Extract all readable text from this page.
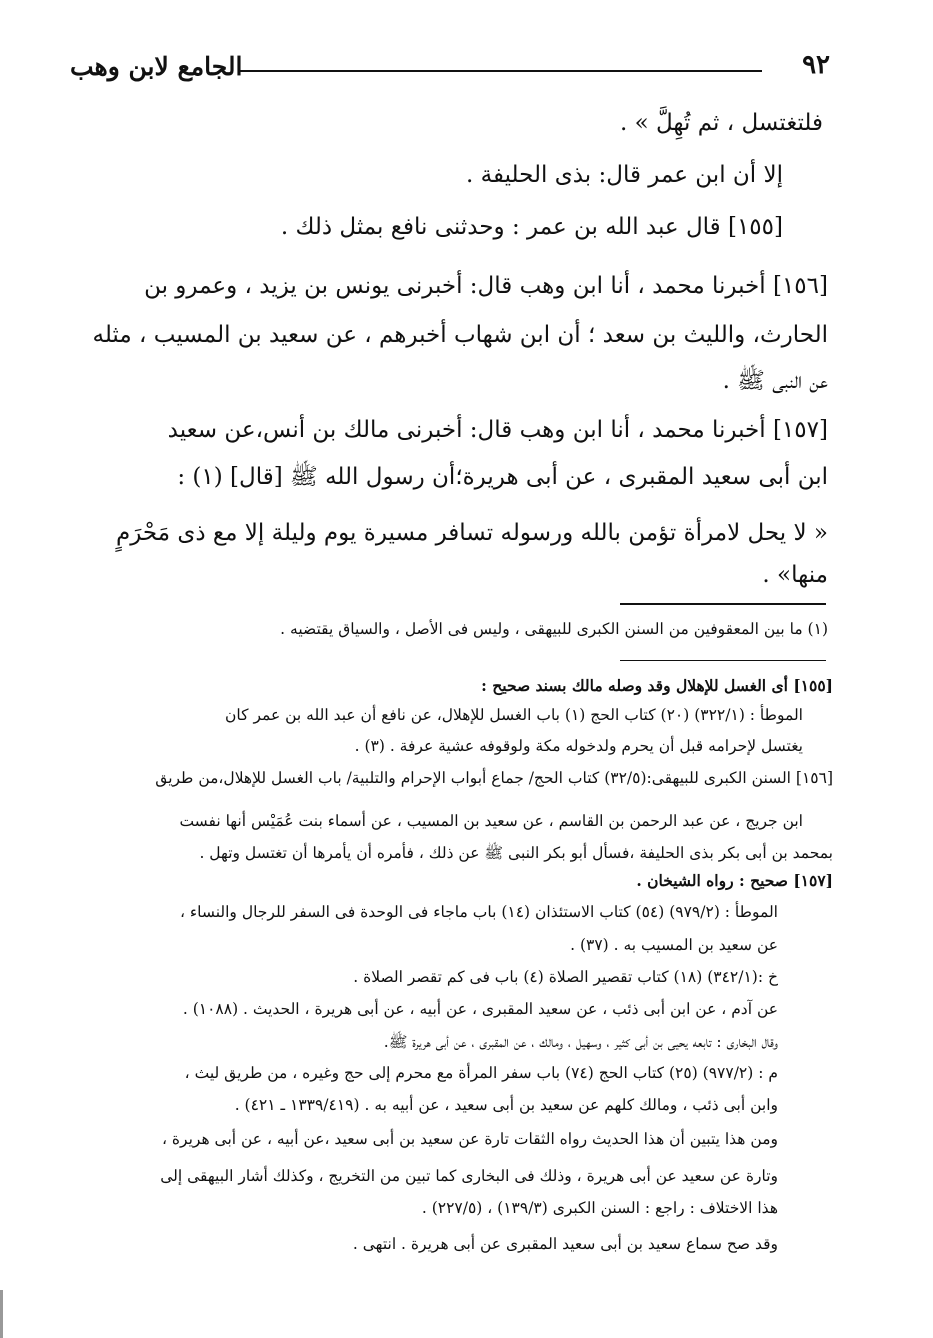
٩٢
الجامع لابن وهب
فلتغتسل ، ثم تُهِلَّ » .
إلا أن ابن عمر قال: بذى الحليفة .
[١٥٥] قال عبد الله بن عمر : وحدثنى نافع بمثل ذلك .
[١٥٦] أخبرنا محمد ، أنا ابن وهب قال: أخبرنى يونس بن يزيد ، وعمرو بن
الحارث، والليث بن سعد ؛ أن ابن شهاب أخبرهم ، عن سعيد بن المسيب ، مثله
عن النبى ﷺ .
[١٥٧] أخبرنا محمد ، أنا ابن وهب قال: أخبرنى مالك بن أنس،عن سعيد
ابن أبى سعيد المقبرى ، عن أبى هريرة؛أن رسول الله ﷺ [قال] (١) :
« لا يحل لامرأة تؤمن بالله ورسوله تسافر مسيرة يوم وليلة إلا مع ذى مَحْرَمٍ
منها» .
(١) ما بين المعقوفين من السنن الكبرى للبيهقى ، وليس فى الأصل ، والسياق يقتضيه .
[١٥٥] أى الغسل للإهلال وقد وصله مالك بسند صحيح :
الموطأ : (٣٢٢/١) (٢٠) كتاب الحج (١) باب الغسل للإهلال، عن نافع أن عبد الله بن عمر كان
يغتسل لإحرامه قبل أن يحرم ولدخوله مكة ولوقوفه عشية عرفة . (٣) .
[١٥٦] السنن الكبرى للبيهقى:(٣٢/٥) كتاب الحج/ جماع أبواب الإحرام والتلبية/ باب الغسل للإهلال،من طريق
ابن جريج ، عن عبد الرحمن بن القاسم ، عن سعيد بن المسيب ، عن أسماء بنت عُمَيْس أنها نفست
بمحمد بن أبى بكر بذى الحليفة ،فسأل أبو بكر النبى ﷺ عن ذلك ، فأمره أن يأمرها أن تغتسل وتهل .
[١٥٧] صحيح : رواه الشيخان .
الموطأ : (٩٧٩/٢) (٥٤) كتاب الاستئذان (١٤) باب ماجاء فى الوحدة فى السفر للرجال والنساء ،
عن سعيد بن المسيب به . (٣٧) .
خ :(٣٤٢/١) (١٨) كتاب تقصير الصلاة (٤) باب فى كم تقصر الصلاة .
عن آدم ، عن ابن أبى ذئب ، عن سعيد المقبرى ، عن أبيه ، عن أبى هريرة ، الحديث . (١٠٨٨) .
وقال البخارى : تابعه يحيى بن أبى كثير ، وسهيل ، ومالك ، عن المقبرى ، عن أبى هريرة ﷺ.
م : (٩٧٧/٢) (٢٥) كتاب الحج (٧٤) باب سفر المرأة مع محرم إلى حج وغيره ، من طريق ليث ،
وابن أبى ذئب ، ومالك كلهم عن سعيد بن أبى سعيد ، عن أبيه به . (١٣٣٩/٤١٩ ـ ٤٢١) .
ومن هذا يتبين أن هذا الحديث رواه الثقات تارة عن سعيد بن أبى سعيد ،عن أبيه ، عن أبى هريرة ،
وتارة عن سعيد عن أبى هريرة ، وذلك فى البخارى كما تبين من التخريج ، وكذلك أشار البيهقى إلى
هذا الاختلاف : راجع : السنن الكبرى (١٣٩/٣) ، (٢٢٧/٥) .
وقد صح سماع سعيد بن أبى سعيد المقبرى عن أبى هريرة . انتهى .
